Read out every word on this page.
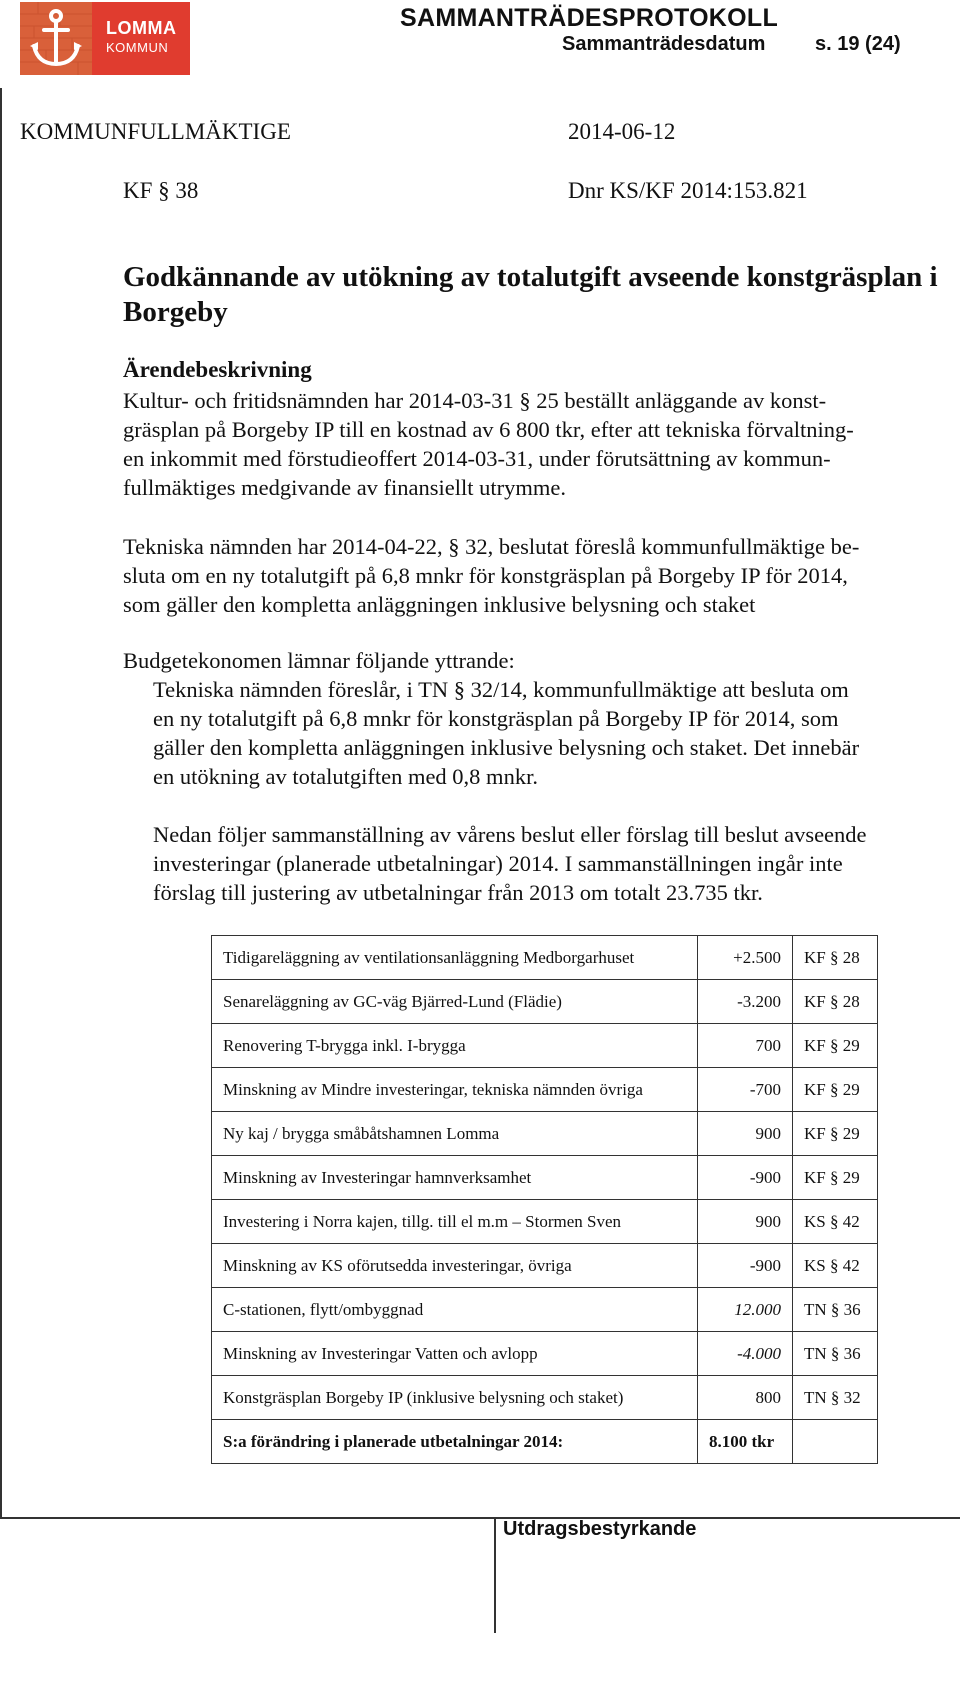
LOMMA
KOMMUN
SAMMANTRÄDESPROTOKOLL
Sammanträdesdatum s. 19 (24)
KOMMUNFULLMÄKTIGE	2014-06-12
KF § 38	Dnr KS/KF 2014:153.821
Godkännande av utökning av totalutgift avseende konstgräsplan i Borgeby
Ärendebeskrivning
Kultur- och fritidsnämnden har 2014-03-31 § 25 beställt anläggande av konst-
gräsplan på Borgeby IP till en kostnad av 6 800 tkr, efter att tekniska förvaltning-
en inkommit med förstudieoffert 2014-03-31, under förutsättning av kommun-
fullmäktiges medgivande av finansiellt utrymme.
Tekniska nämnden har 2014-04-22, § 32, beslutat föreslå kommunfullmäktige be-
sluta om en ny totalutgift på 6,8 mnkr för konstgräsplan på Borgeby IP för 2014,
som gäller den kompletta anläggningen inklusive belysning och staket
Budgetekonomen lämnar följande yttrande:
Tekniska nämnden föreslår, i TN § 32/14, kommunfullmäktige att besluta om
en ny totalutgift på 6,8 mnkr för konstgräsplan på Borgeby IP för 2014, som
gäller den kompletta anläggningen inklusive belysning och staket. Det innebär
en utökning av totalutgiften med 0,8 mnkr.
Nedan följer sammanställning av vårens beslut eller förslag till beslut avseende
investeringar (planerade utbetalningar) 2014. I sammanställningen ingår inte
förslag till justering av utbetalningar från 2013 om totalt 23.735 tkr.
Tidigareläggning av ventilationsanläggning Medborgarhuset	+2.500	KF § 28
Senareläggning av GC-väg Bjärred-Lund (Flädie)	-3.200	KF § 28
Renovering T-brygga inkl. I-brygga	700	KF § 29
Minskning av Mindre investeringar, tekniska nämnden övriga	-700	KF § 29
Ny kaj / brygga småbåtshamnen Lomma	900	KF § 29
Minskning av Investeringar hamnverksamhet	-900	KF § 29
Investering i Norra kajen, tillg. till el m.m – Stormen Sven	900	KS § 42
Minskning av KS oförutsedda investeringar, övriga	-900	KS § 42
C-stationen, flytt/ombyggnad	12.000	TN § 36
Minskning av Investeringar Vatten och avlopp	-4.000	TN § 36
Konstgräsplan Borgeby IP (inklusive belysning och staket)	800	TN § 32
S:a förändring i planerade utbetalningar 2014:	8.100 tkr	
Utdragsbestyrkande
